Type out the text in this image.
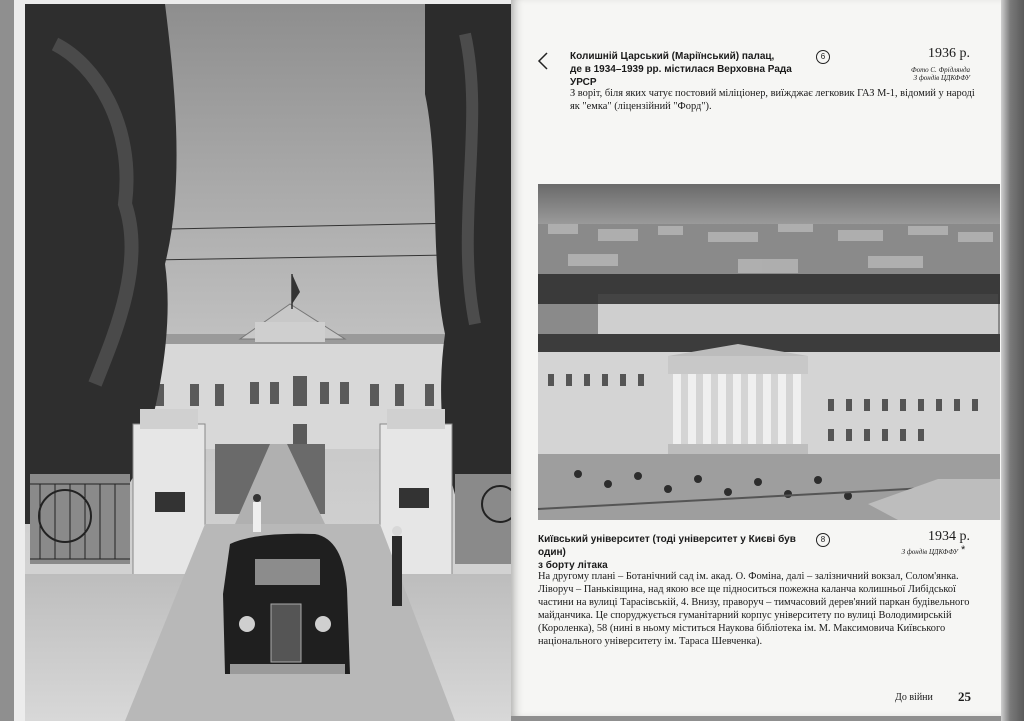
Колишній Царський (Маріїнський) палац,
де в 1934–1939 рр. містилася Верховна Рада УРСР
6	1936 р.
Фото С. Фрідлянда
З фондів ЦДКФФУ
З воріт, біля яких чатує постовий міліціонер, виїжджає легковик ГАЗ М-1, відомий у народі як "емка" (ліцензійний "Форд").
Київський університет (тоді університет у Києві був один)
з борту літака
8	1934 р.
З фондів ЦДКФФУ *
На другому плані – Ботанічний сад ім. акад. О. Фоміна, далі – залізничний вокзал, Солом'янка. Ліворуч – Паньківщина, над якою все ще підноситься пожежна каланча колишньої Либідської частини на вулиці Тарасівській, 4. Внизу, праворуч – тимчасовий дерев'яний паркан будівельного майданчика. Це споруджується гуманітарний корпус університету по вулиці Володимирській (Короленка), 58 (нині в ньому міститься Наукова бібліотека ім. М. Максимовича Київського національного університету ім. Тараса Шевченка).
До війни 25
